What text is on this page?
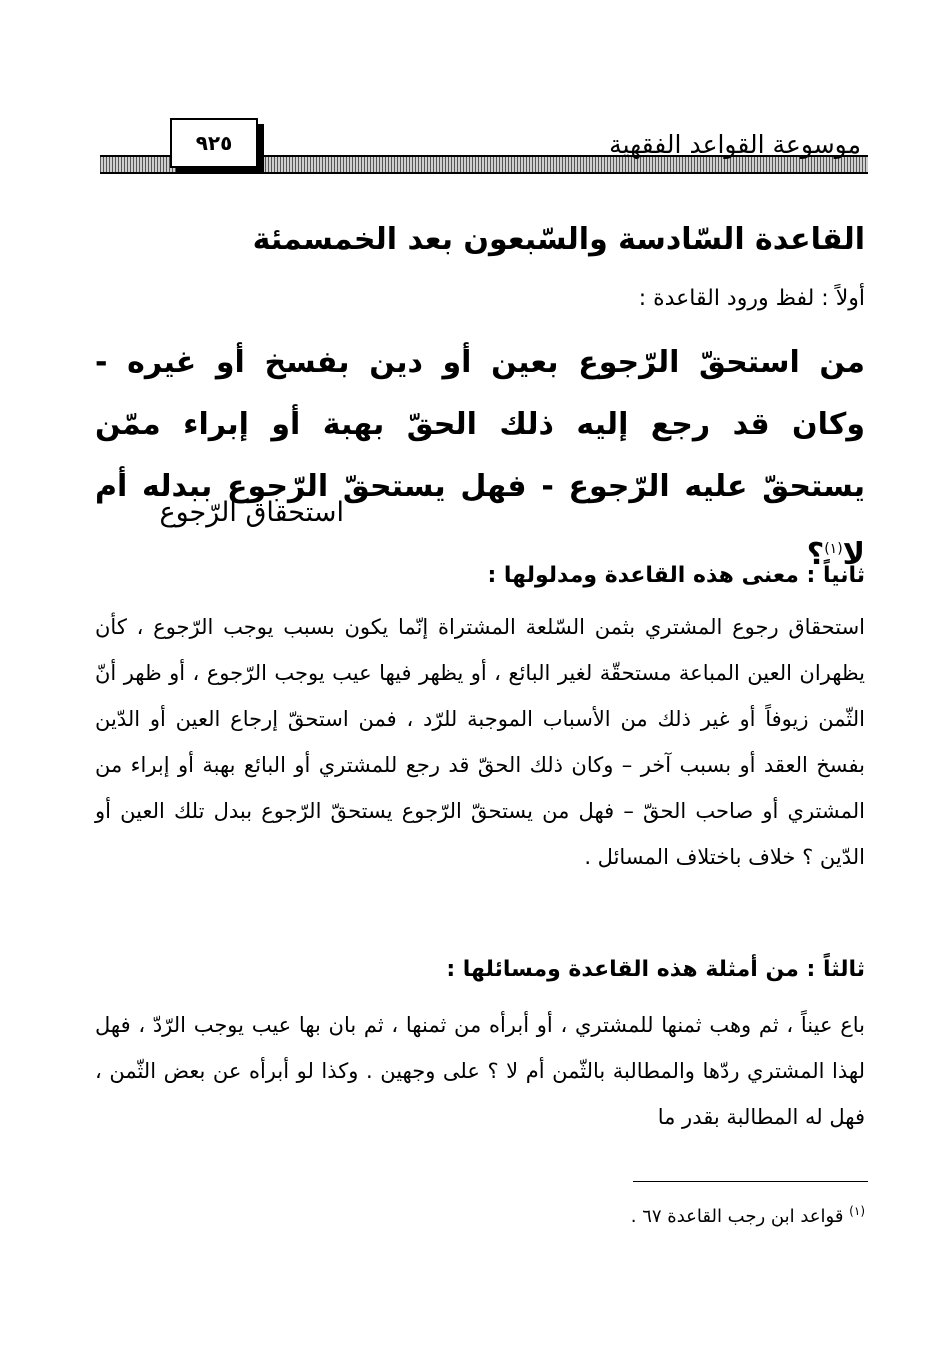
موسوعة القواعد الفقهية
٩٢٥
القاعدة السّادسة والسّبعون بعد الخمسمئة
أولاً : لفظ ورود القاعدة :
من استحقّ الرّجوع بعين أو دين بفسخ أو غيره - وكان قد رجع إليه ذلك الحقّ بهبة أو إبراء ممّن يستحقّ عليه الرّجوع - فهل يستحقّ الرّجوع ببدله أم لا$^{(١)}$؟
استحقاق الرّجوع
ثانياً : معنى هذه القاعدة ومدلولها :
استحقاق رجوع المشتري بثمن السّلعة المشتراة إنّما يكون بسبب يوجب الرّجوع ، كأن يظهران العين المباعة مستحقّة لغير البائع ، أو يظهر فيها عيب يوجب الرّجوع ، أو ظهر أنّ الثّمن زيوفاً أو غير ذلك من الأسباب الموجبة للرّد ، فمن استحقّ إرجاع العين أو الدّين بفسخ العقد أو بسبب آخر – وكان ذلك الحقّ قد رجع للمشتري أو البائع بهبة أو إبراء من المشتري أو صاحب الحقّ – فهل من يستحقّ الرّجوع يستحقّ الرّجوع ببدل تلك العين أو الدّين ؟ خلاف باختلاف المسائل .
ثالثاً : من أمثلة هذه القاعدة ومسائلها :
باع عيناً ، ثم وهب ثمنها للمشتري ، أو أبرأه من ثمنها ، ثم بان بها عيب يوجب الرّدّ ، فهل لهذا المشتري ردّها والمطالبة بالثّمن أم لا ؟ على وجهين . وكذا لو أبرأه عن بعض الثّمن ، فهل له المطالبة بقدر ما
$^{(١)}$ قواعد ابن رجب القاعدة ٦٧ .
